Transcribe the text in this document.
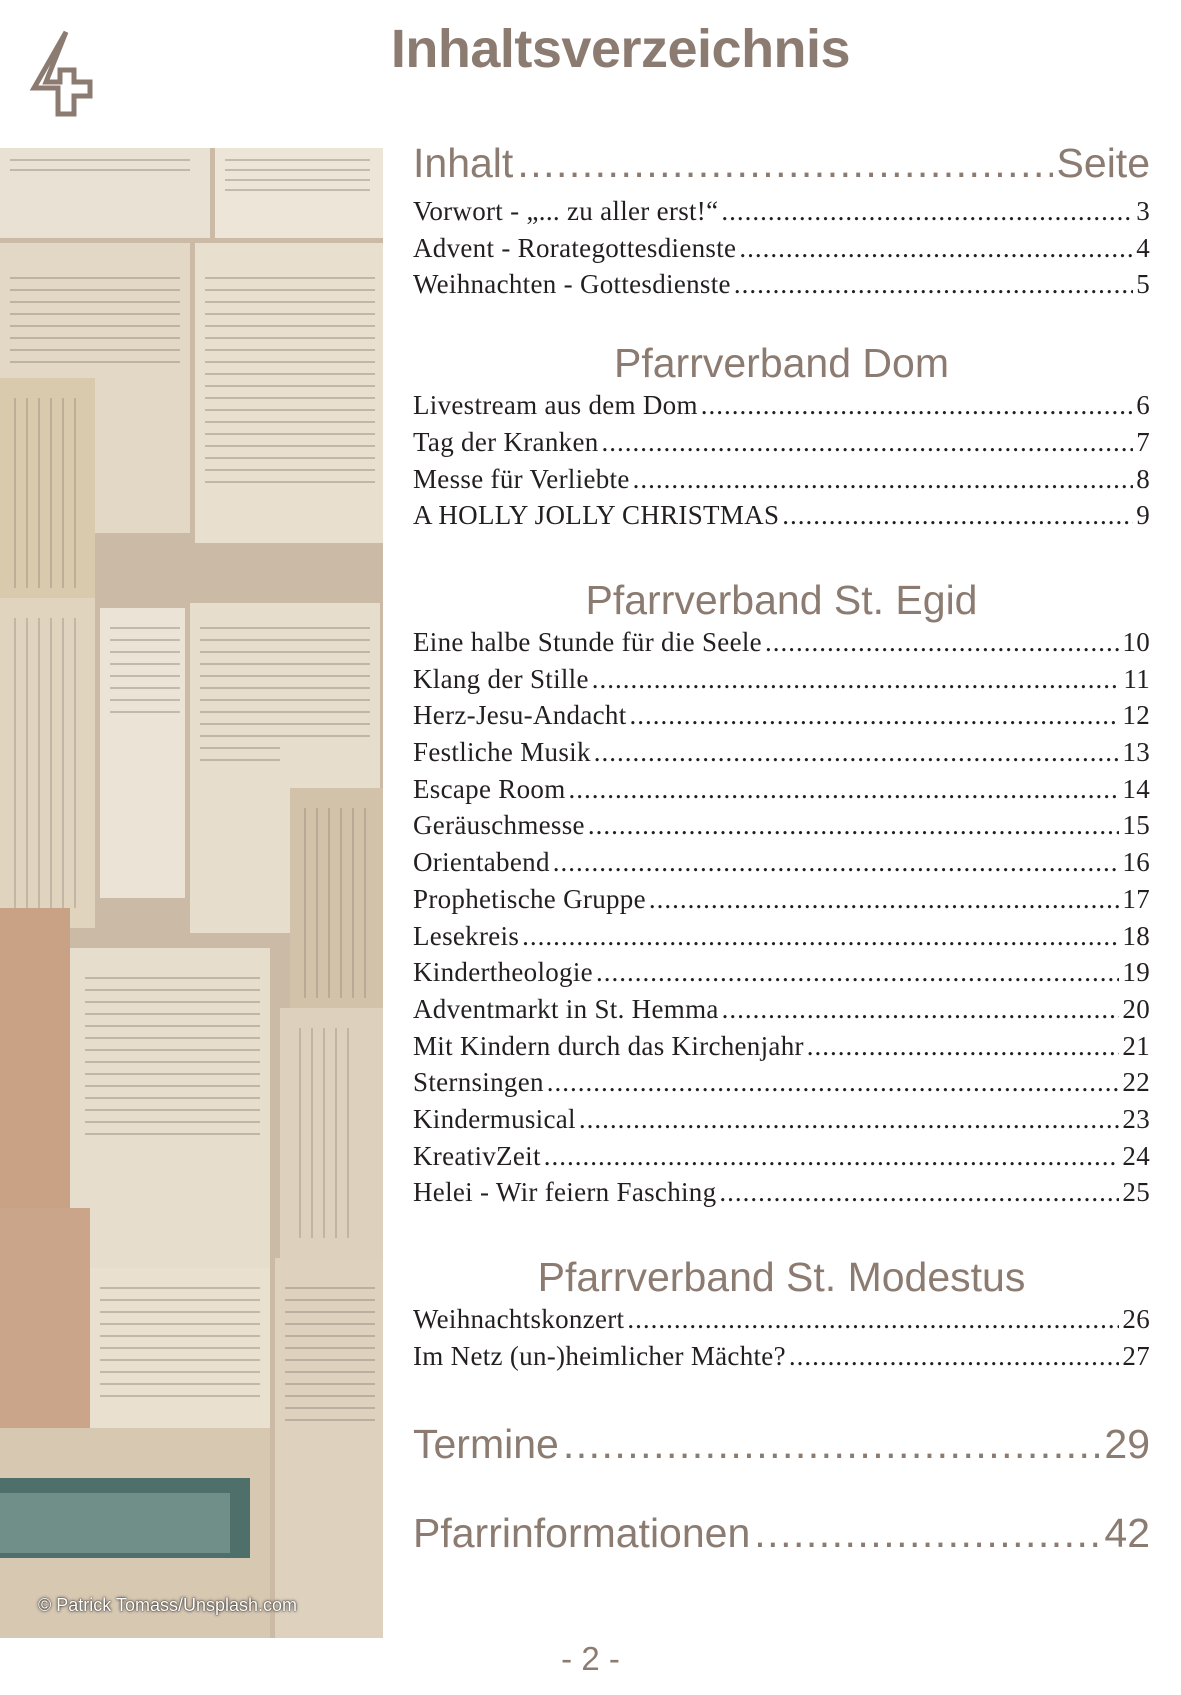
Inhaltsverzeichnis
© Patrick Tomass/Unsplash.com
Inhalt .....	Seite
Vorwort - „... zu aller erst!“ .....	3
Advent - Rorategottesdienste .....	4
Weihnachten - Gottesdienste .....	5
Pfarrverband Dom
Livestream aus dem Dom .....	6
Tag der Kranken .....	7
Messe für Verliebte .....	8
A HOLLY JOLLY CHRISTMAS .....	9
Pfarrverband St. Egid
Eine halbe Stunde für die Seele .....	10
Klang der Stille .....	11
Herz-Jesu-Andacht .....	12
Festliche Musik .....	13
Escape Room .....	14
Geräuschmesse .....	15
Orientabend .....	16
Prophetische Gruppe .....	17
Lesekreis .....	18
Kindertheologie .....	19
Adventmarkt in St. Hemma .....	20
Mit Kindern durch das Kirchenjahr .....	21
Sternsingen .....	22
Kindermusical .....	23
KreativZeit .....	24
Helei - Wir feiern Fasching .....	25
Pfarrverband St. Modestus
Weihnachtskonzert .....	26
Im Netz (un-)heimlicher Mächte? .....	27
Termine .....	29
Pfarrinformationen .....	42
- 2 -
